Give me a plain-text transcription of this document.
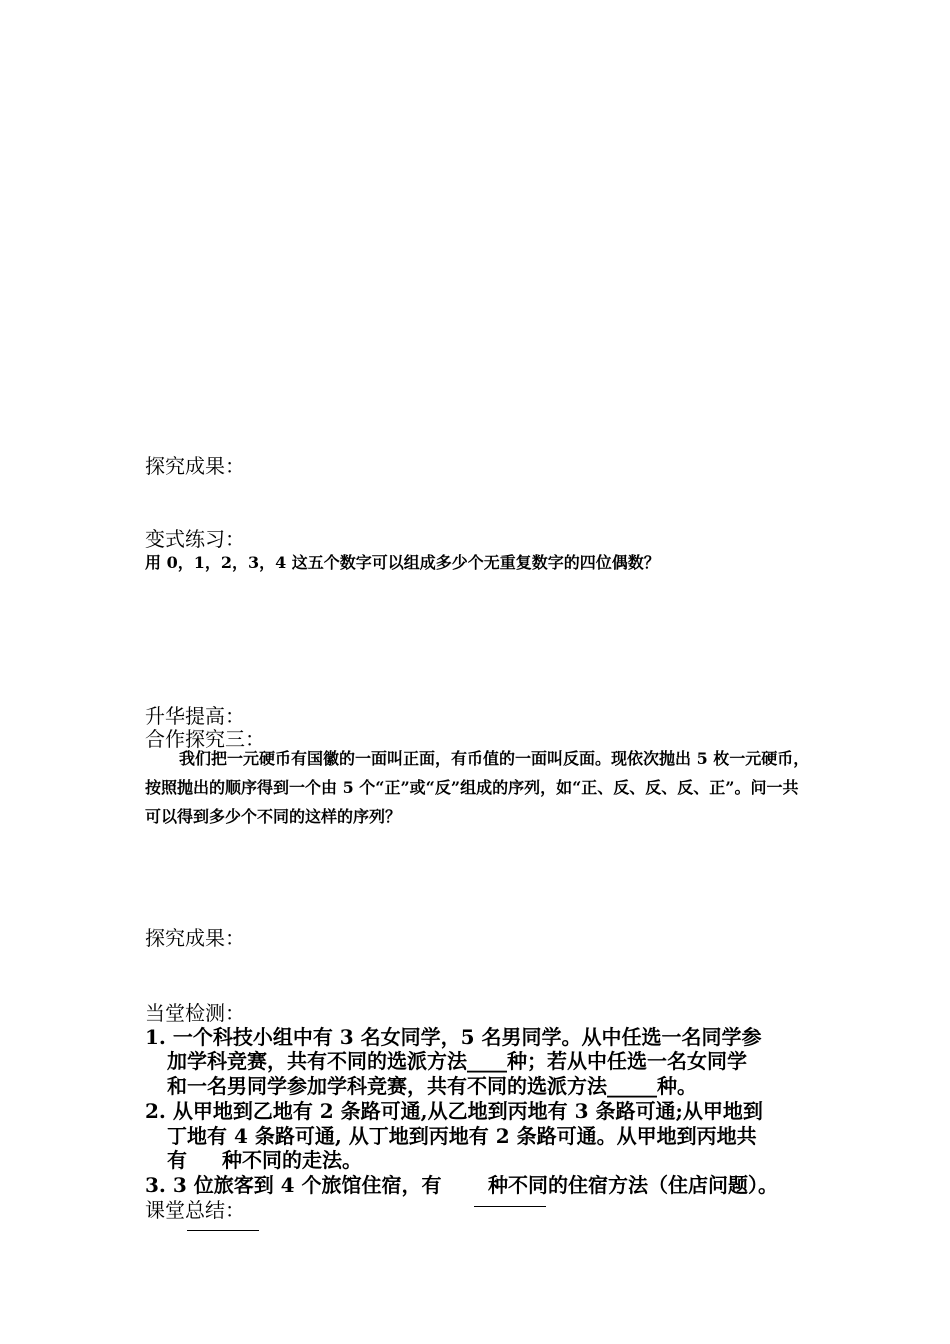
探究成果：
变式练习：
用 0，1，2，3，4 这五个数字可以组成多少个无重复数字的四位偶数？
升华提高：
合作探究三：
我们把一元硬币有国徽的一面叫正面，有币值的一面叫反面。现依次抛出 5 枚一元硬币，按照抛出的顺序得到一个由 5 个“正”或“反”组成的序列，如“正、反、反、反、正”。问一共可以得到多少个不同的这样的序列？
探究成果：
当堂检测：
1. 一个科技小组中有 3 名女同学，5 名男同学。从中任选一名同学参
加学科竞赛，共有不同的选派方法____种；若从中任选一名女同学
和一名男同学参加学科竞赛，共有不同的选派方法_____种。
2. 从甲地到乙地有 2 条路可通,从乙地到丙地有 3 条路可通;从甲地到
丁地有 4 条路可通, 从丁地到丙地有 2 条路可通。从甲地到丙地共
有 种不同的走法。
3. 3 位旅客到 4 个旅馆住宿，有 种不同的住宿方法（住店问题）。
课堂总结：
